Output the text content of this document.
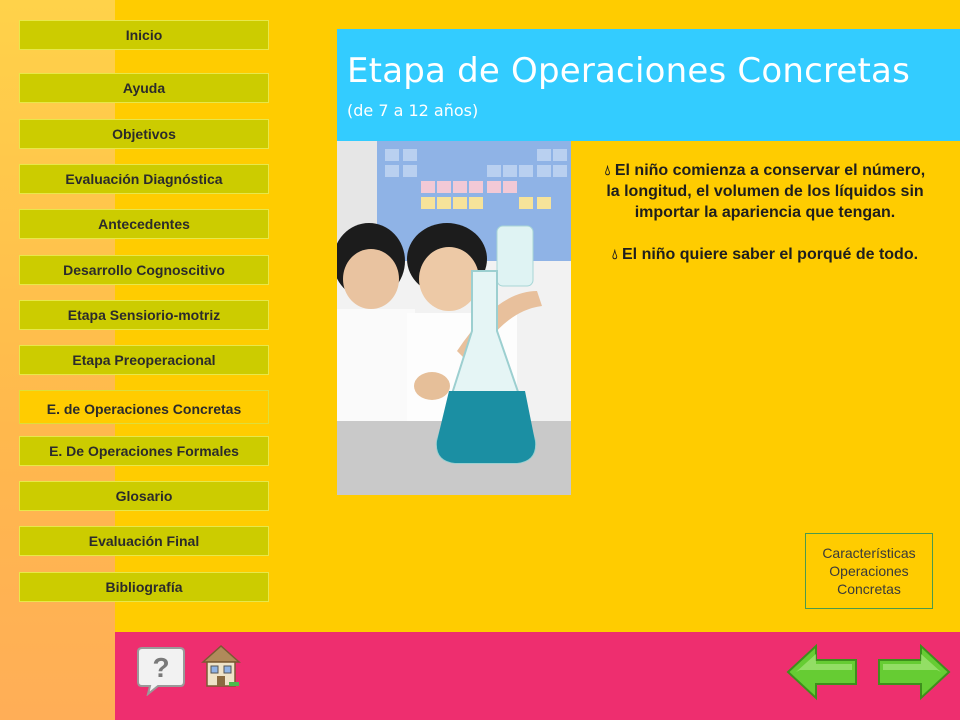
Inicio
Ayuda
Objetivos
Evaluación Diagnóstica
Antecedentes
Desarrollo Cognoscitivo
Etapa Sensiorio-motriz
Etapa Preoperacional
E. de Operaciones Concretas
E. De Operaciones Formales
Glosario
Evaluación Final
Bibliografía
Etapa de Operaciones Concretas
(de 7 a 12 años)

💧︎ El niño comienza a conservar el número, la longitud, el volumen de los líquidos sin importar la apariencia que tengan.

💧︎ El niño quiere saber el porqué de todo.

Características
Operaciones
Concretas
?
